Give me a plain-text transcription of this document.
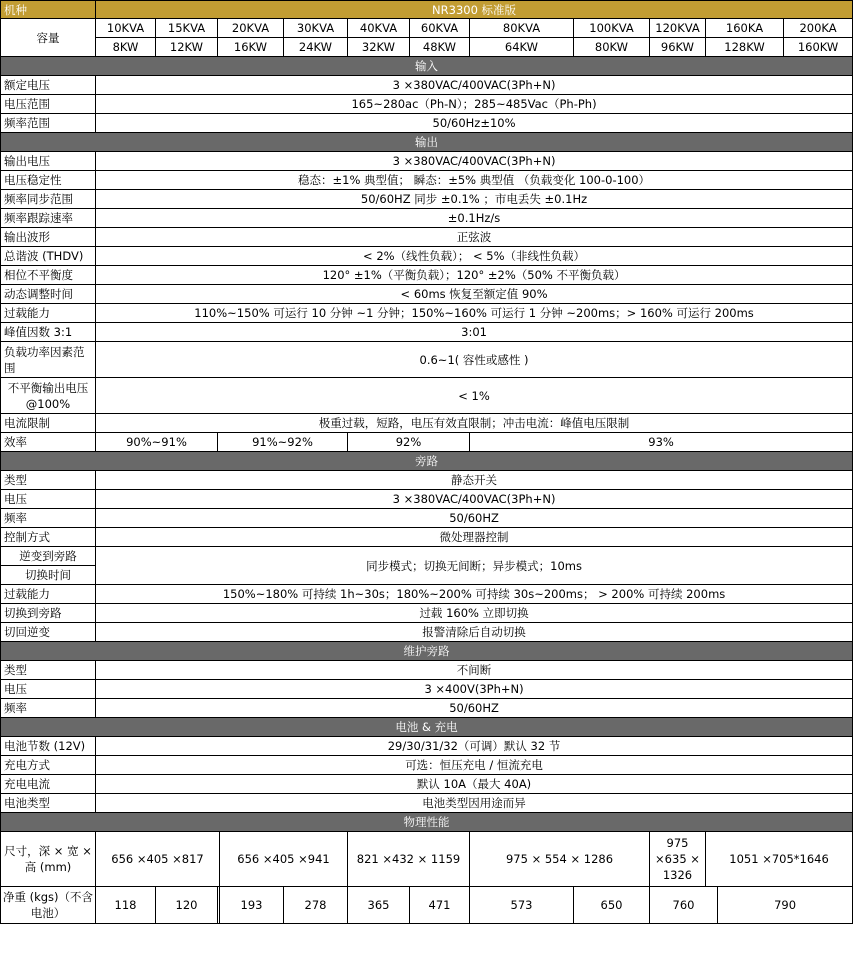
机种	NR3300 标准版												
容量	10KVA	15KVA	20KVA		30KVA	40KVA	60KVA	80KVA	100KVA	120KVA	160KA		200KA
	8KW	12KW	16KW		24KW	32KW	48KW	64KW	80KW	96KW	128KW		160KW
输入													
额定电压	3 ×380VAC/400VAC(3Ph+N)												
电压范围	165~280ac（Ph-N）；285~485Vac（Ph-Ph)												
频率范围	50/60Hz±10%												
输出													
输出电压	3 ×380VAC/400VAC(3Ph+N)												
电压稳定性	稳态：±1% 典型值； 瞬态：±5% 典型值 （负载变化 100-0-100）												
频率同步范围	50/60HZ 同步 ±0.1% ；市电丢失 ±0.1Hz												
频率跟踪速率	±0.1Hz/s												
输出波形	正弦波												
总谐波 (THDV)	< 2%（线性负载）； < 5%（非线性负载）												
相位不平衡度	120° ±1%（平衡负载）；120° ±2%（50% 不平衡负载）												
动态调整时间	< 60ms 恢复至额定值 90%												
过载能力	110%~150% 可运行 10 分钟 ~1 分钟；150%~160% 可运行 1 分钟 ~200ms；> 160% 可运行 200ms												
峰值因数 3:1	3:01												
负载功率因素范围	0.6~1( 容性或感性 )												
不平衡输出电压 @100%	< 1%												
电流限制	极重过载，短路，电压有效直限制；冲击电流：峰值电压限制												
效率	90%~91%		91%~92%			92%		93%					
旁路													
类型	静态开关												
电压	3 ×380VAC/400VAC(3Ph+N)												
频率	50/60HZ												
控制方式	微处理器控制												
逆变到旁路	同步模式；切换无间断；异步模式；10ms												
切换时间													
过载能力	150%~180% 可持续 1h~30s；180%~200% 可持续 30s~200ms； > 200% 可持续 200ms												
切换到旁路	过载 160% 立即切换												
切回逆变	报警清除后自动切换												
维护旁路													
类型	不间断												
电压	3 ×400V(3Ph+N)												
频率	50/60HZ												
电池 & 充电													
电池节数 (12V)	29/30/31/32（可调）默认 32 节												
充电方式	可选：恒压充电 / 恒流充电												
充电电流	默认 10A（最大 40A)												
电池类型	电池类型因用途而异												
物理性能													
尺寸，深 × 宽 × 高 (mm)	656 ×405 ×817			656 ×405 ×941		821 ×432 × 1159		975 × 554 × 1286		975 ×635 × 1326	1051 ×705*1646		
净重 (kgs)（不含电池）	118	120		193	278	365	471	573	650	760		790	
